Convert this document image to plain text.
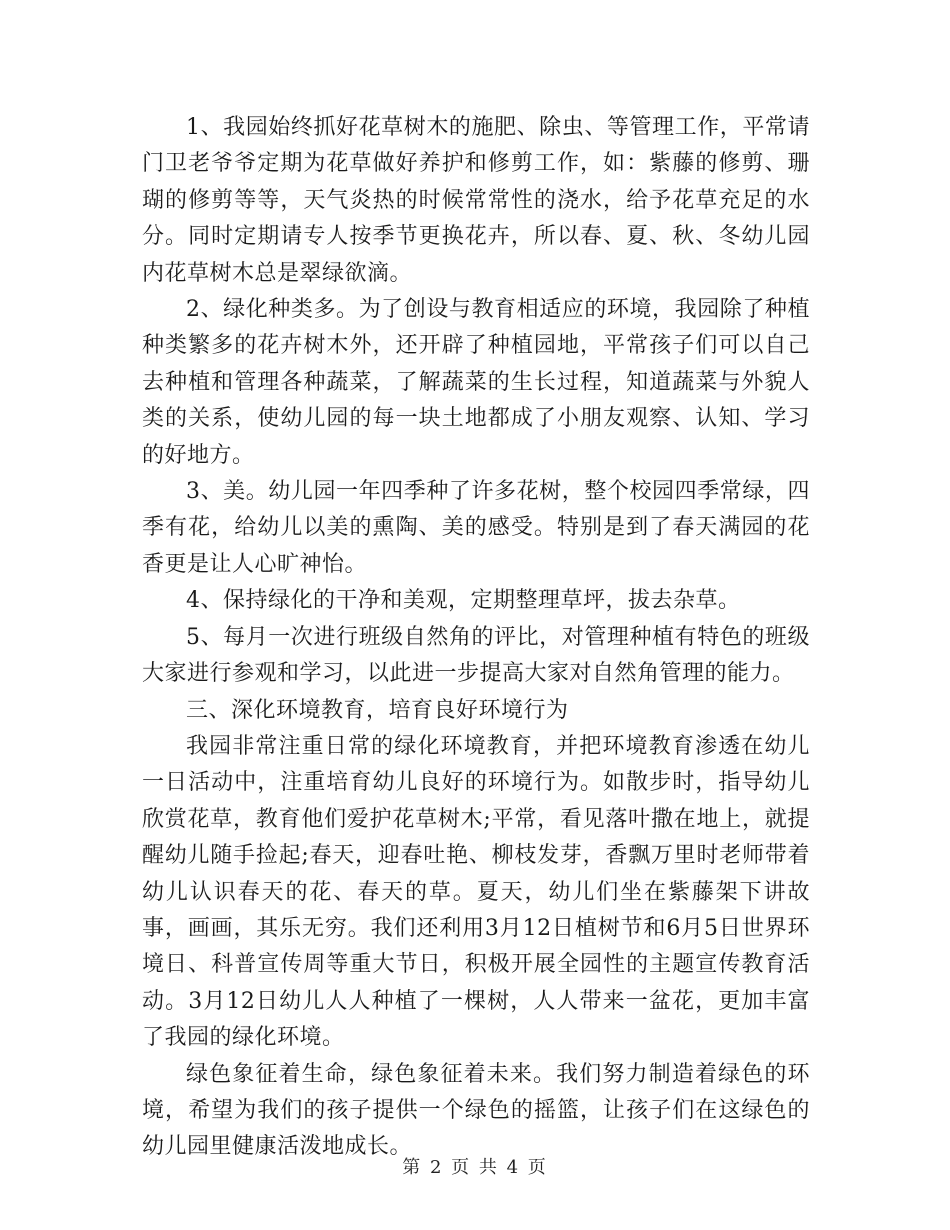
1、我园始终抓好花草树木的施肥、除虫、等管理工作，平常请门卫老爷爷定期为花草做好养护和修剪工作，如：紫藤的修剪、珊瑚的修剪等等，天气炎热的时候常常性的浇水，给予花草充足的水分。同时定期请专人按季节更换花卉，所以春、夏、秋、冬幼儿园内花草树木总是翠绿欲滴。

2、绿化种类多。为了创设与教育相适应的环境，我园除了种植种类繁多的花卉树木外，还开辟了种植园地，平常孩子们可以自己去种植和管理各种蔬菜，了解蔬菜的生长过程，知道蔬菜与外貌人类的关系，使幼儿园的每一块土地都成了小朋友观察、认知、学习的好地方。

3、美。幼儿园一年四季种了许多花树，整个校园四季常绿，四季有花，给幼儿以美的熏陶、美的感受。特别是到了春天满园的花香更是让人心旷神怡。

4、保持绿化的干净和美观，定期整理草坪，拔去杂草。

5、每月一次进行班级自然角的评比，对管理种植有特色的班级大家进行参观和学习，以此进一步提高大家对自然角管理的能力。

三、深化环境教育，培育良好环境行为

我园非常注重日常的绿化环境教育，并把环境教育渗透在幼儿一日活动中，注重培育幼儿良好的环境行为。如散步时，指导幼儿欣赏花草，教育他们爱护花草树木;平常，看见落叶撒在地上，就提醒幼儿随手捡起;春天，迎春吐艳、柳枝发芽，香飘万里时老师带着幼儿认识春天的花、春天的草。夏天，幼儿们坐在紫藤架下讲故事，画画，其乐无穷。我们还利用3月12日植树节和6月5日世界环境日、科普宣传周等重大节日，积极开展全园性的主题宣传教育活动。3月12日幼儿人人种植了一棵树，人人带来一盆花，更加丰富了我园的绿化环境。

绿色象征着生命，绿色象征着未来。我们努力制造着绿色的环境，希望为我们的孩子提供一个绿色的摇篮，让孩子们在这绿色的幼儿园里健康活泼地成长。

第 2 页 共 4 页
